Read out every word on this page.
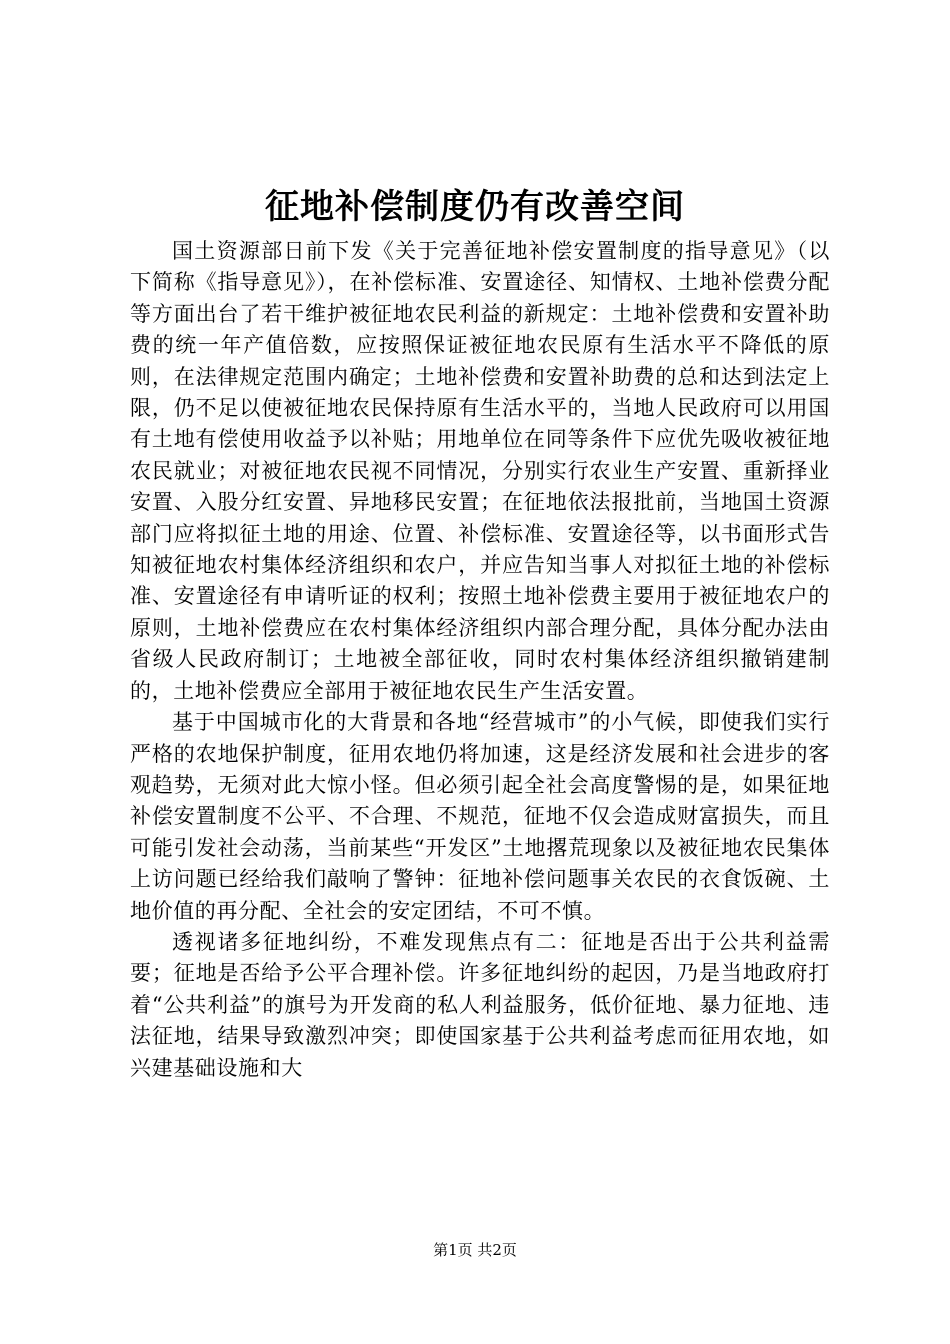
征地补偿制度仍有改善空间

国土资源部日前下发《关于完善征地补偿安置制度的指导意见》（以下简称《指导意见》），在补偿标准、安置途径、知情权、土地补偿费分配等方面出台了若干维护被征地农民利益的新规定：土地补偿费和安置补助费的统一年产值倍数，应按照保证被征地农民原有生活水平不降低的原则，在法律规定范围内确定；土地补偿费和安置补助费的总和达到法定上限，仍不足以使被征地农民保持原有生活水平的，当地人民政府可以用国有土地有偿使用收益予以补贴；用地单位在同等条件下应优先吸收被征地农民就业；对被征地农民视不同情况，分别实行农业生产安置、重新择业安置、入股分红安置、异地移民安置；在征地依法报批前，当地国土资源部门应将拟征土地的用途、位置、补偿标准、安置途径等，以书面形式告知被征地农村集体经济组织和农户，并应告知当事人对拟征土地的补偿标准、安置途径有申请听证的权利；按照土地补偿费主要用于被征地农户的原则，土地补偿费应在农村集体经济组织内部合理分配，具体分配办法由省级人民政府制订；土地被全部征收，同时农村集体经济组织撤销建制的，土地补偿费应全部用于被征地农民生产生活安置。

基于中国城市化的大背景和各地“经营城市”的小气候，即使我们实行严格的农地保护制度，征用农地仍将加速，这是经济发展和社会进步的客观趋势，无须对此大惊小怪。但必须引起全社会高度警惕的是，如果征地补偿安置制度不公平、不合理、不规范，征地不仅会造成财富损失，而且可能引发社会动荡，当前某些“开发区”土地撂荒现象以及被征地农民集体上访问题已经给我们敲响了警钟：征地补偿问题事关农民的衣食饭碗、土地价值的再分配、全社会的安定团结，不可不慎。

透视诸多征地纠纷，不难发现焦点有二：征地是否出于公共利益需要；征地是否给予公平合理补偿。许多征地纠纷的起因，乃是当地政府打着“公共利益”的旗号为开发商的私人利益服务，低价征地、暴力征地、违法征地，结果导致激烈冲突；即使国家基于公共利益考虑而征用农地，如兴建基础设施和大

第1页 共2页
